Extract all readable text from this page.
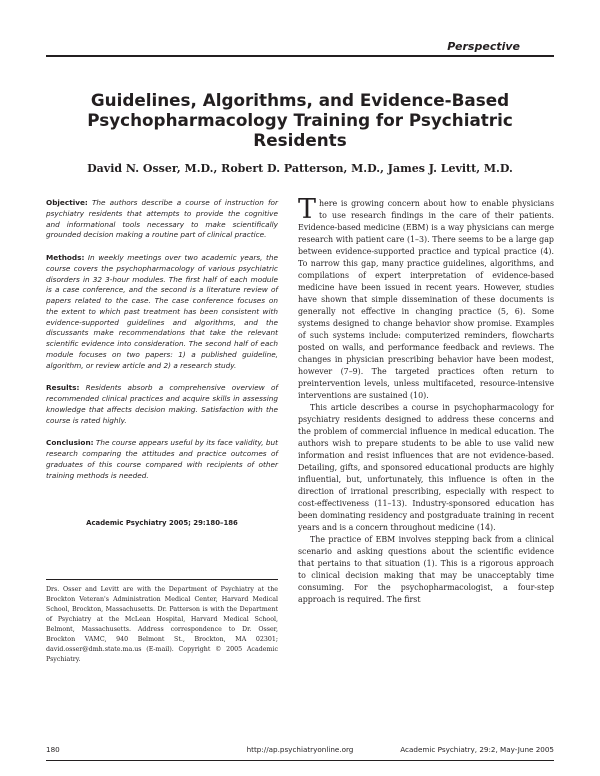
Perspective
Guidelines, Algorithms, and Evidence-Based
Psychopharmacology Training for Psychiatric Residents
David N. Osser, M.D., Robert D. Patterson, M.D., James J. Levitt, M.D.

Objective: The authors describe a course of instruction for psychiatry residents that attempts to provide the cognitive and informational tools necessary to make scientifically grounded decision making a routine part of clinical practice.

Methods: In weekly meetings over two academic years, the course covers the psychopharmacology of various psychiatric disorders in 32 3-hour modules. The first half of each module is a case conference, and the second is a literature review of papers related to the case. The case conference focuses on the extent to which past treatment has been consistent with evidence-supported guidelines and algorithms, and the discussants make recommendations that take the relevant scientific evidence into consideration. The second half of each module focuses on two papers: 1) a published guideline, algorithm, or review article and 2) a research study.

Results: Residents absorb a comprehensive overview of recommended clinical practices and acquire skills in assessing knowledge that affects decision making. Satisfaction with the course is rated highly.

Conclusion: The course appears useful by its face validity, but research comparing the attitudes and practice outcomes of graduates of this course compared with recipients of other training methods is needed.

Academic Psychiatry 2005; 29:180–186
Drs. Osser and Levitt are with the Department of Psychiatry at the Brockton Veteran's Administration Medical Center, Harvard Medical School, Brockton, Massachusetts. Dr. Patterson is with the Department of Psychiatry at the McLean Hospital, Harvard Medical School, Belmont, Massachusetts. Address correspondence to Dr. Osser, Brockton VAMC, 940 Belmont St., Brockton, MA 02301; david.osser@dmh.state.ma.us (E-mail). Copyright © 2005 Academic Psychiatry.

There is growing concern about how to enable physicians to use research findings in the care of their patients. Evidence-based medicine (EBM) is a way physicians can merge research with patient care (1–3). There seems to be a large gap between evidence-supported practice and typical practice (4). To narrow this gap, many practice guidelines, algorithms, and compilations of expert interpretation of evidence-based medicine have been issued in recent years. However, studies have shown that simple dissemination of these documents is generally not effective in changing practice (5, 6). Some systems designed to change behavior show promise. Examples of such systems include: computerized reminders, flowcharts posted on walls, and performance feedback and reviews. The changes in physician prescribing behavior have been modest, however (7–9). The targeted practices often return to preintervention levels, unless multifaceted, resource-intensive interventions are sustained (10).

This article describes a course in psychopharmacology for psychiatry residents designed to address these concerns and the problem of commercial influence in medical education. The authors wish to prepare students to be able to use valid new information and resist influences that are not evidence-based. Detailing, gifts, and sponsored educational products are highly influential, but, unfortunately, this influence is often in the direction of irrational prescribing, especially with respect to cost-effectiveness (11–13). Industry-sponsored education has been dominating residency and postgraduate training in recent years and is a concern throughout medicine (14).

The practice of EBM involves stepping back from a clinical scenario and asking questions about the scientific evidence that pertains to that situation (1). This is a rigorous approach to clinical decision making that may be unacceptably time consuming. For the psychopharmacologist, a four-step approach is required. The first

180	http://ap.psychiatryonline.org	Academic Psychiatry, 29:2, May-June 2005
